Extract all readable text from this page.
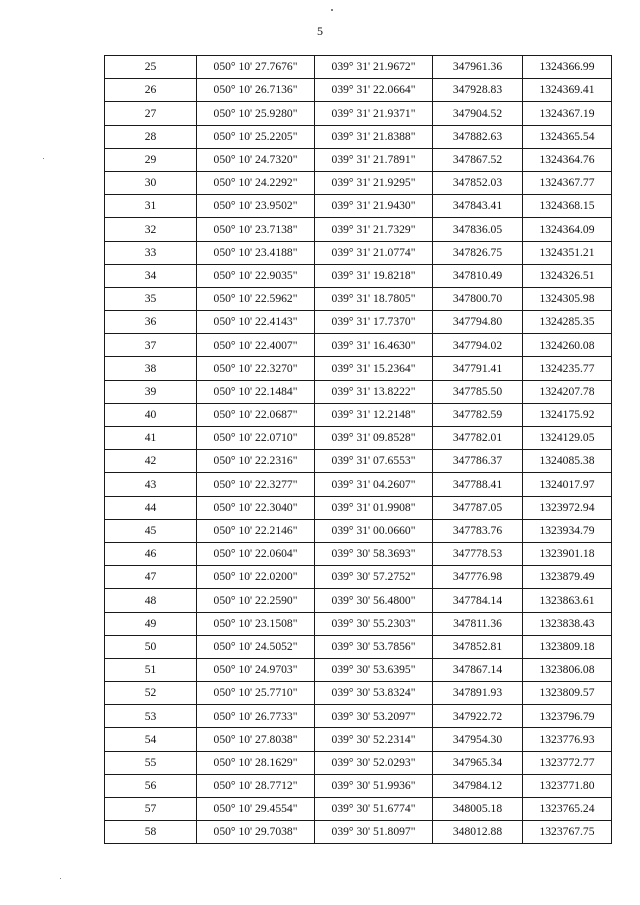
5
25	050° 10' 27.7676"	039° 31' 21.9672"	347961.36	1324366.99
26	050° 10' 26.7136"	039° 31' 22.0664"	347928.83	1324369.41
27	050° 10' 25.9280"	039° 31' 21.9371"	347904.52	1324367.19
28	050° 10' 25.2205"	039° 31' 21.8388"	347882.63	1324365.54
29	050° 10' 24.7320"	039° 31' 21.7891"	347867.52	1324364.76
30	050° 10' 24.2292"	039° 31' 21.9295"	347852.03	1324367.77
31	050° 10' 23.9502"	039° 31' 21.9430"	347843.41	1324368.15
32	050° 10' 23.7138"	039° 31' 21.7329"	347836.05	1324364.09
33	050° 10' 23.4188"	039° 31' 21.0774"	347826.75	1324351.21
34	050° 10' 22.9035"	039° 31' 19.8218"	347810.49	1324326.51
35	050° 10' 22.5962"	039° 31' 18.7805"	347800.70	1324305.98
36	050° 10' 22.4143"	039° 31' 17.7370"	347794.80	1324285.35
37	050° 10' 22.4007"	039° 31' 16.4630"	347794.02	1324260.08
38	050° 10' 22.3270"	039° 31' 15.2364"	347791.41	1324235.77
39	050° 10' 22.1484"	039° 31' 13.8222"	347785.50	1324207.78
40	050° 10' 22.0687"	039° 31' 12.2148"	347782.59	1324175.92
41	050° 10' 22.0710"	039° 31' 09.8528"	347782.01	1324129.05
42	050° 10' 22.2316"	039° 31' 07.6553"	347786.37	1324085.38
43	050° 10' 22.3277"	039° 31' 04.2607"	347788.41	1324017.97
44	050° 10' 22.3040"	039° 31' 01.9908"	347787.05	1323972.94
45	050° 10' 22.2146"	039° 31' 00.0660"	347783.76	1323934.79
46	050° 10' 22.0604"	039° 30' 58.3693"	347778.53	1323901.18
47	050° 10' 22.0200"	039° 30' 57.2752"	347776.98	1323879.49
48	050° 10' 22.2590"	039° 30' 56.4800"	347784.14	1323863.61
49	050° 10' 23.1508"	039° 30' 55.2303"	347811.36	1323838.43
50	050° 10' 24.5052"	039° 30' 53.7856"	347852.81	1323809.18
51	050° 10' 24.9703"	039° 30' 53.6395"	347867.14	1323806.08
52	050° 10' 25.7710"	039° 30' 53.8324"	347891.93	1323809.57
53	050° 10' 26.7733"	039° 30' 53.2097"	347922.72	1323796.79
54	050° 10' 27.8038"	039° 30' 52.2314"	347954.30	1323776.93
55	050° 10' 28.1629"	039° 30' 52.0293"	347965.34	1323772.77
56	050° 10' 28.7712"	039° 30' 51.9936"	347984.12	1323771.80
57	050° 10' 29.4554"	039° 30' 51.6774"	348005.18	1323765.24
58	050° 10' 29.7038"	039° 30' 51.8097"	348012.88	1323767.75
